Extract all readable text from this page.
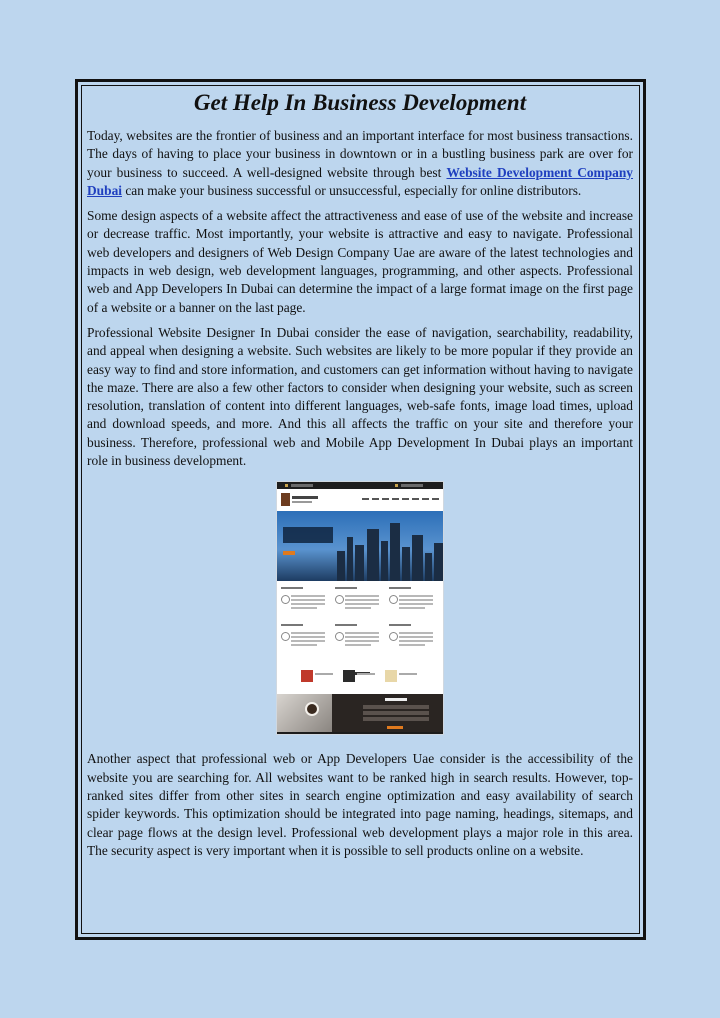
Get Help In Business Development

Today, websites are the frontier of business and an important interface for most business transactions. The days of having to place your business in downtown or in a bustling business park are over for your business to succeed. A well-designed website through best Website Development Company Dubai can make your business successful or unsuccessful, especially for online distributors.

Some design aspects of a website affect the attractiveness and ease of use of the website and increase or decrease traffic. Most importantly, your website is attractive and easy to navigate. Professional web developers and designers of Web Design Company Uae are aware of the latest technologies and impacts in web design, web development languages, programming, and other aspects. Professional web and App Developers In Dubai can determine the impact of a large format image on the first page of a website or a banner on the last page.

Professional Website Designer In Dubai consider the ease of navigation, searchability, readability, and appeal when designing a website. Such websites are likely to be more popular if they provide an easy way to find and store information, and customers can get information without having to navigate the maze. There are also a few other factors to consider when designing your website, such as screen resolution, translation of content into different languages, web-safe fonts, image load times, upload and download speeds, and more. And this all affects the traffic on your site and therefore your business. Therefore, professional web and Mobile App Development In Dubai plays an important role in business development.

Another aspect that professional web or App Developers Uae consider is the accessibility of the website you are searching for. All websites want to be ranked high in search results. However, top-ranked sites differ from other sites in search engine optimization and easy availability of search spider keywords. This optimization should be integrated into page naming, headings, sitemaps, and clear page flows at the design level. Professional web development plays a major role in this area. The security aspect is very important when it is possible to sell products online on a website.
